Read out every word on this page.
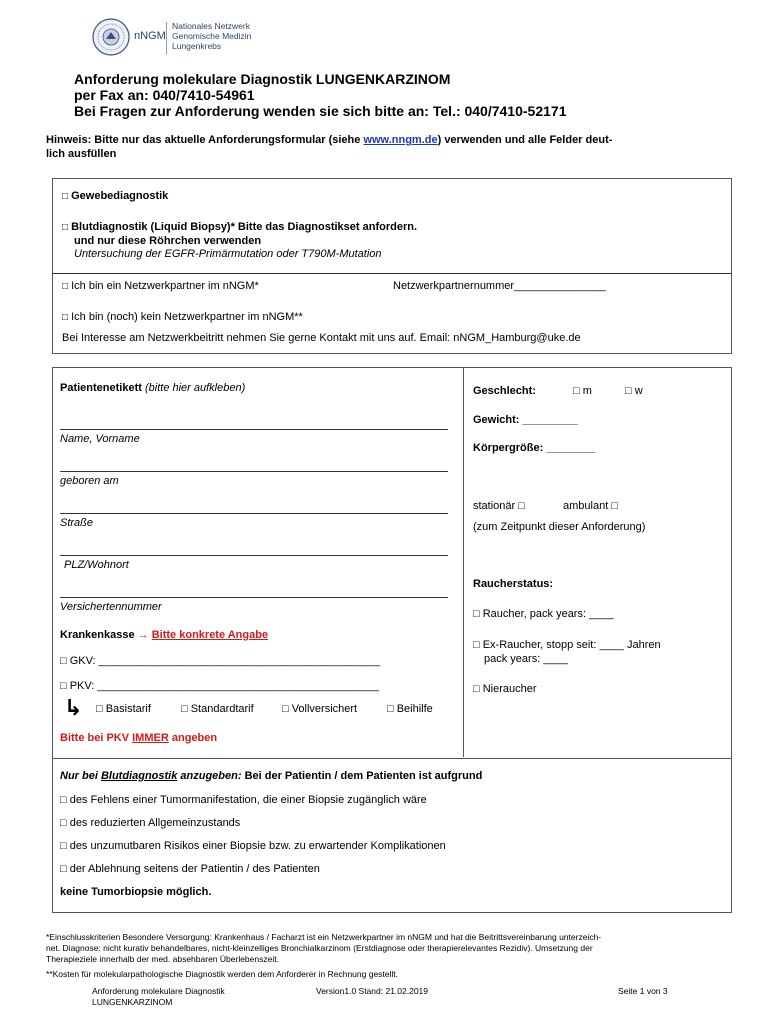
nNGM
Nationales Netzwerk
Genomische Medizin
Lungenkrebs
Anforderung molekulare Diagnostik LUNGENKARZINOM
per Fax an: 040/7410-54961
Bei Fragen zur Anforderung wenden sie sich bitte an: Tel.: 040/7410-52171
Hinweis: Bitte nur das aktuelle Anforderungsformular (siehe www.nngm.de) verwenden und alle Felder deut-
lich ausfüllen
□ Gewebediagnostik
□ Blutdiagnostik (Liquid Biopsy)* Bitte das Diagnostikset anfordern.
und nur diese Röhrchen verwenden
Untersuchung der EGFR-Primärmutation oder T790M-Mutation
□ Ich bin ein Netzwerkpartner im nNGM*	Netzwerkpartnernummer_______________
□ Ich bin (noch) kein Netzwerkpartner im nNGM**
Bei Interesse am Netzwerkbeitritt nehmen Sie gerne Kontakt mit uns auf. Email: nNGM_Hamburg@uke.de
Patientenetikett (bitte hier aufkleben)
Name, Vorname
geboren am
Straße
PLZ/Wohnort
Versichertennummer
Krankenkasse → Bitte konkrete Angabe
□ GKV: ______________________________________________
□ PKV: ______________________________________________
↳ □ Basistarif	□ Standardtarif	□ Vollversichert	□ Beihilfe
Bitte bei PKV IMMER angeben
Geschlecht:	□ m	□ w
Gewicht: _________
Körpergröße: ________
stationär □	ambulant □
(zum Zeitpunkt dieser Anforderung)
Raucherstatus:
□ Raucher, pack years: ____
□ Ex-Raucher, stopp seit: ____ Jahren
pack years: ____
□ Nieraucher
Nur bei Blutdiagnostik anzugeben: Bei der Patientin / dem Patienten ist aufgrund
□ des Fehlens einer Tumormanifestation, die einer Biopsie zugänglich wäre
□ des reduzierten Allgemeinzustands
□ des unzumutbaren Risikos einer Biopsie bzw. zu erwartender Komplikationen
□ der Ablehnung seitens der Patientin / des Patienten
keine Tumorbiopsie möglich.
*Einschlusskriterien Besondere Versorgung: Krankenhaus / Facharzt ist ein Netzwerkpartner im nNGM und hat die Beitrittsvereinbarung unterzeich-
net. Diagnose: nicht kurativ behandelbares, nicht-kleinzelliges Bronchialkarzinom (Erstdiagnose oder therapierelevantes Rezidiv). Umsetzung der
Therapieziele innerhalb der med. absehbaren Überlebenszeit.
**Kosten für molekularpathologische Diagnostik werden dem Anforderer in Rechnung gestellt.
Anforderung molekulare Diagnostik
LUNGENKARZINOM
Version1.0 Stand: 21.02.2019	Seite 1 von 3
